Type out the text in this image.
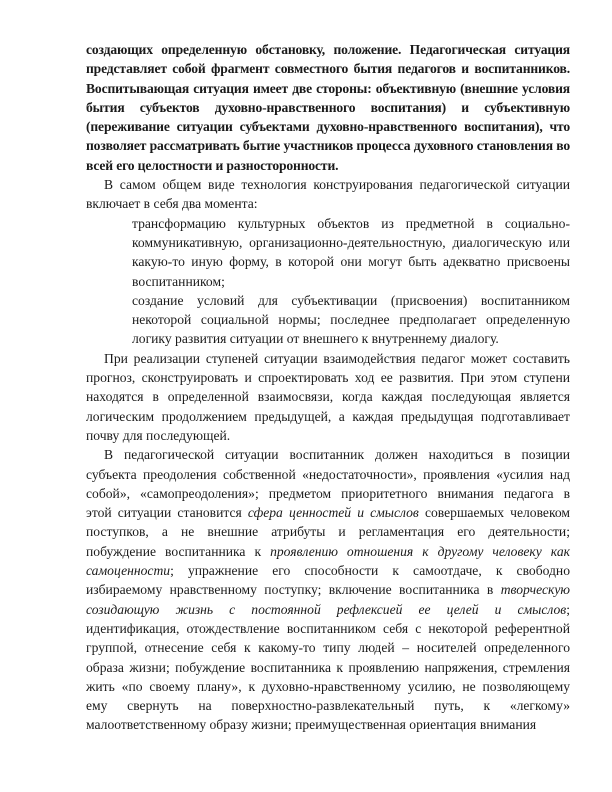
создающих определенную обстановку, положение. Педагогическая ситуация
представляет собой фрагмент совместного бытия педагогов и воспитанников.
Воспитывающая ситуация имеет две стороны: объективную (внешние условия
бытия субъектов духовно-нравственного воспитания) и субъективную
(переживание ситуации субъектами духовно-нравственного воспитания), что
позволяет рассматривать бытие участников процесса духовного становления во
всей его целостности и разносторонности.
В самом общем виде технология конструирования педагогической ситуации
включает в себя два момента:
трансформацию культурных объектов из предметной в социально-
коммуникативную, организационно-деятельностную, диалогическую или
какую-то иную форму, в которой они могут быть адекватно присвоены
воспитанником;
создание условий для субъективации (присвоения) воспитанником
некоторой социальной нормы; последнее предполагает определенную
логику развития ситуации от внешнего к внутреннему диалогу.
При реализации ступеней ситуации взаимодействия педагог может составить
прогноз, сконструировать и спроектировать ход ее развития. При этом ступени
находятся в определенной взаимосвязи, когда каждая последующая является
логическим продолжением предыдущей, а каждая предыдущая подготавливает
почву для последующей.
В педагогической ситуации воспитанник должен находиться в позиции
субъекта преодоления собственной «недостаточности», проявления «усилия над
собой», «самопреодоления»; предметом приоритетного внимания педагога в
этой ситуации становится сфера ценностей и смыслов совершаемых человеком
поступков, а не внешние атрибуты и регламентация его деятельности;
побуждение воспитанника к проявлению отношения к другому человеку как
самоценности; упражнение его способности к самоотдаче, к свободно
избираемому нравственному поступку; включение воспитанника в творческую
созидающую жизнь с постоянной рефлексией ее целей и смыслов;
идентификация, отождествление воспитанником себя с некоторой референтной
группой, отнесение себя к какому-то типу людей – носителей определенного
образа жизни; побуждение воспитанника к проявлению напряжения, стремления
жить «по своему плану», к духовно-нравственному усилию, не позволяющему
ему свернуть на поверхностно-развлекательный путь, к «легкому»
малоответственному образу жизни; преимущественная ориентация внимания
